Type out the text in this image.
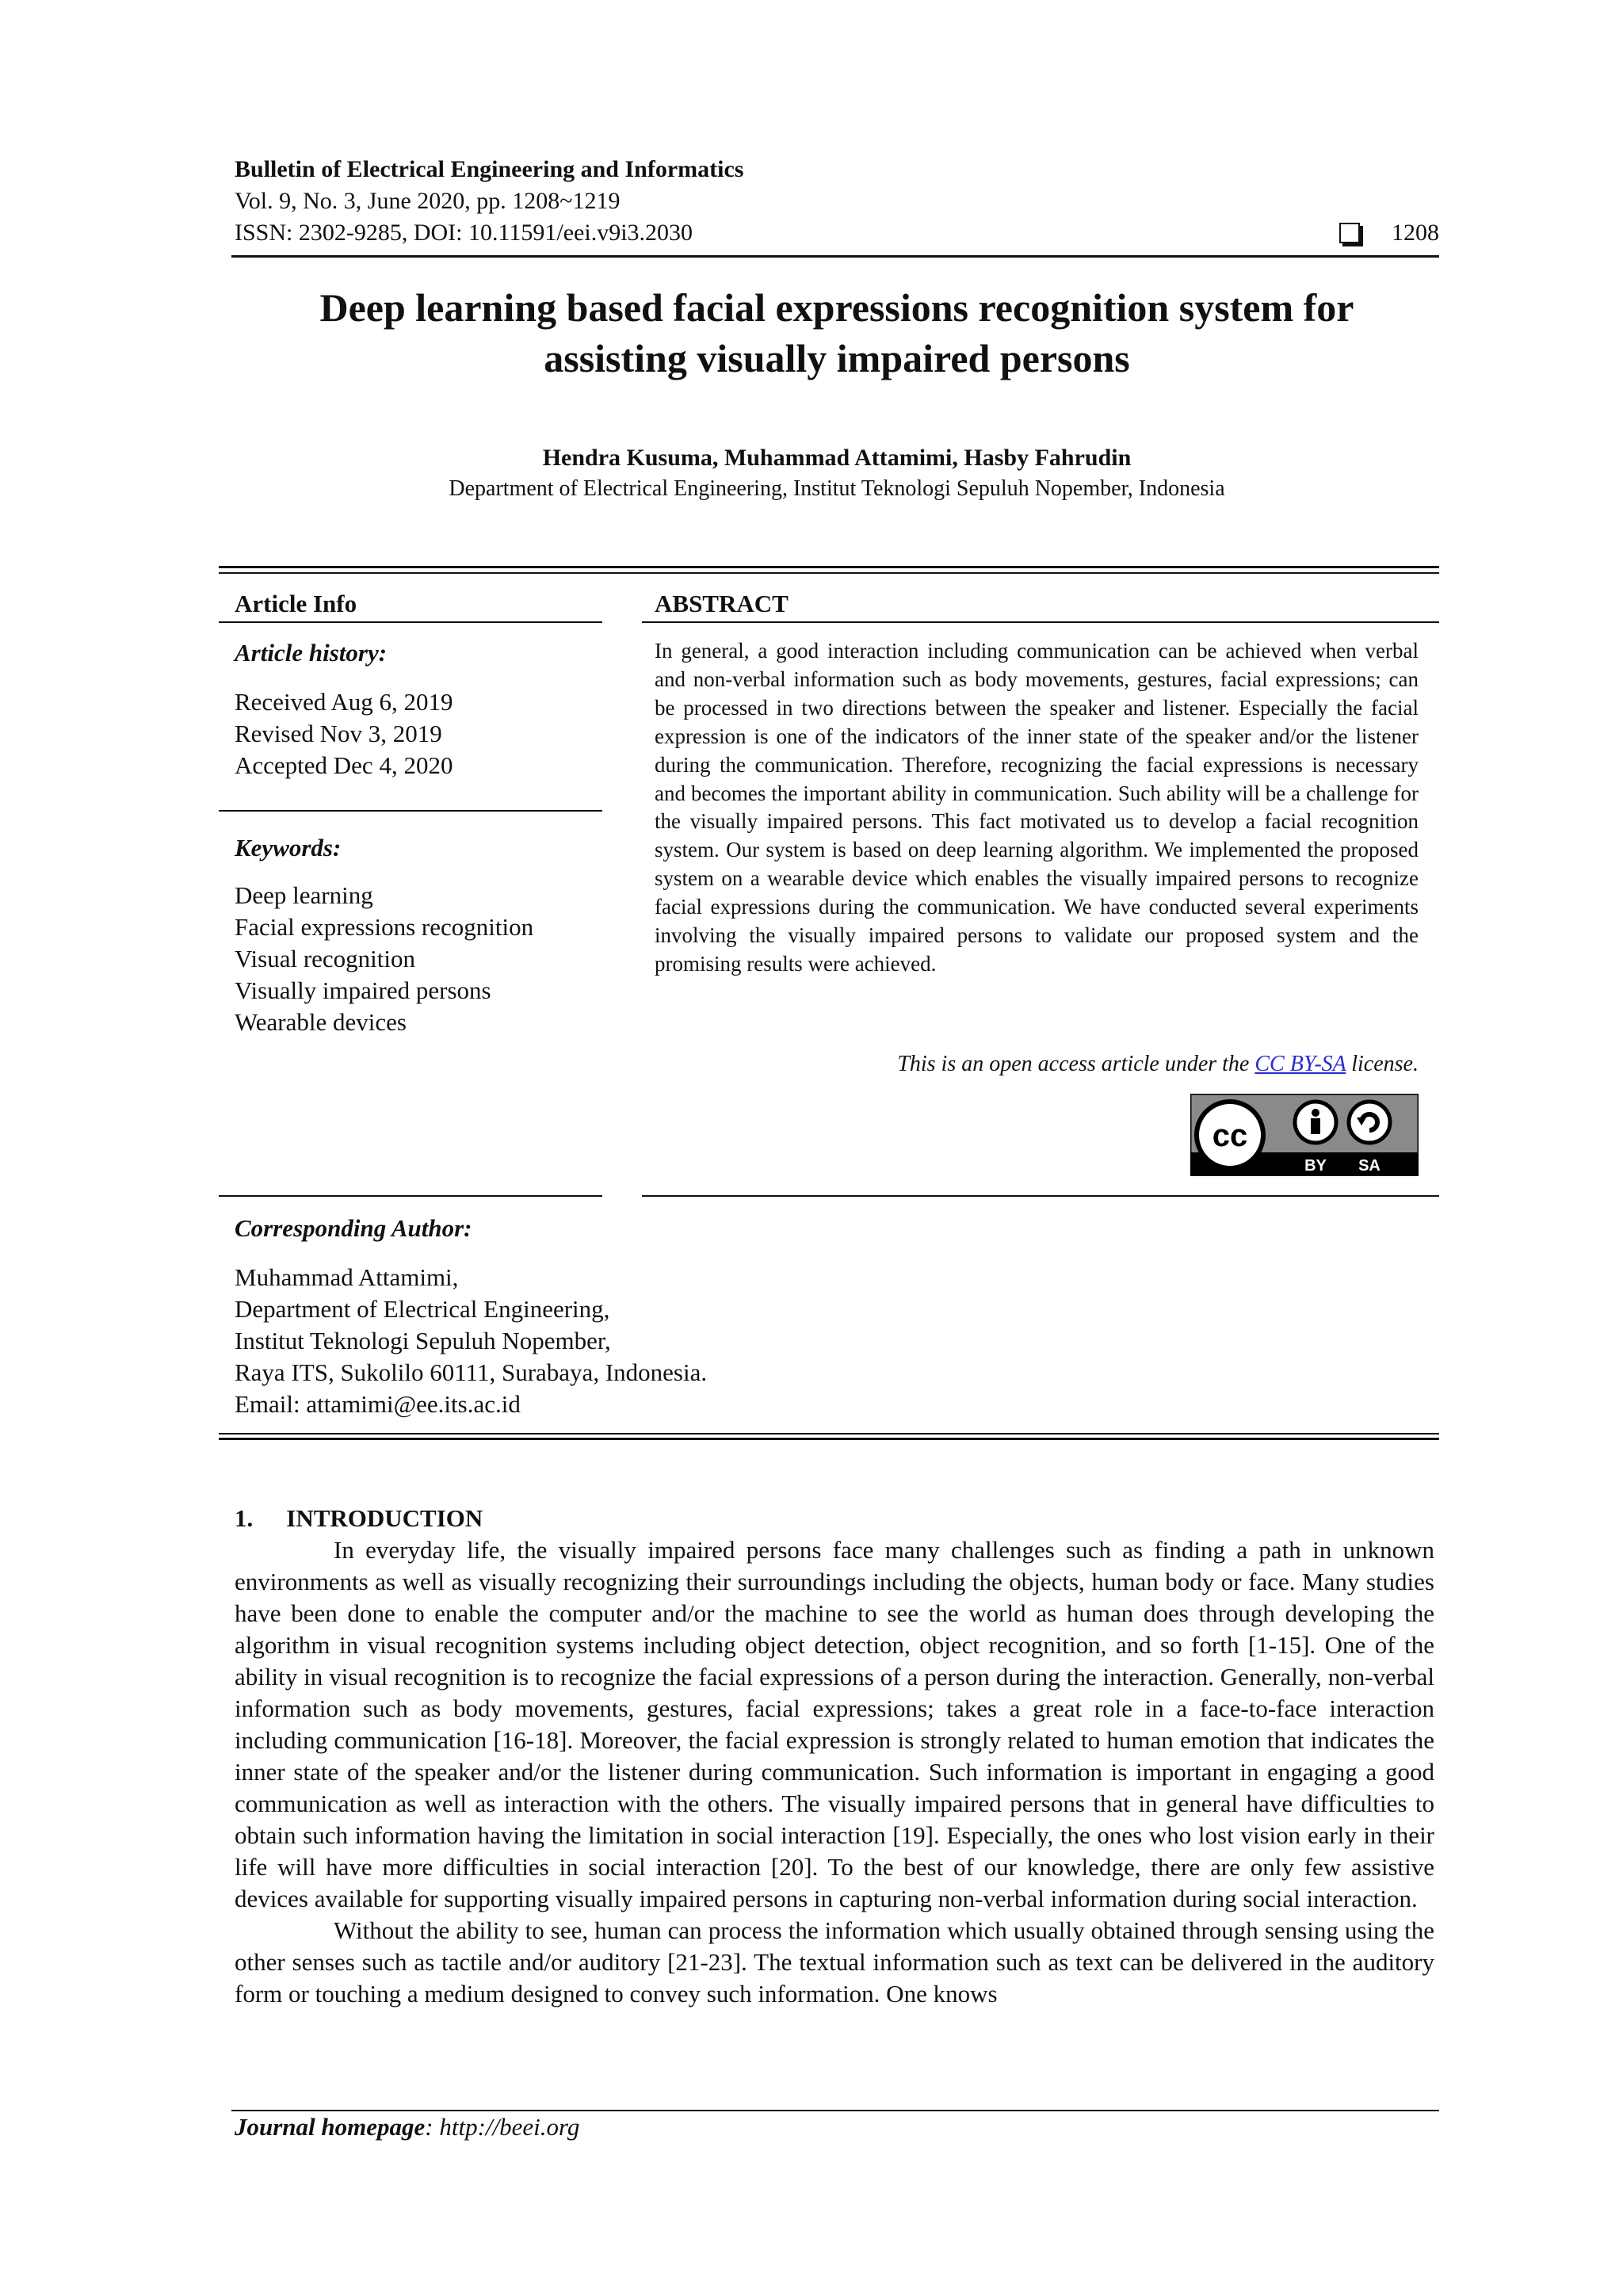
Bulletin of Electrical Engineering and Informatics
Vol. 9, No. 3, June 2020, pp. 1208~1219
ISSN: 2302-9285, DOI: 10.11591/eei.v9i3.2030	1208
Deep learning based facial expressions recognition system for
assisting visually impaired persons
Hendra Kusuma, Muhammad Attamimi, Hasby Fahrudin
Department of Electrical Engineering, Institut Teknologi Sepuluh Nopember, Indonesia
Article Info
Article history:
Received Aug 6, 2019
Revised Nov 3, 2019
Accepted Dec 4, 2020
Keywords:
Deep learning
Facial expressions recognition
Visual recognition
Visually impaired persons
Wearable devices
ABSTRACT
In general, a good interaction including communication can be achieved when verbal and non-verbal information such as body movements, gestures, facial expressions; can be processed in two directions between the speaker and listener. Especially the facial expression is one of the indicators of the inner state of the speaker and/or the listener during the communication. Therefore, recognizing the facial expressions is necessary and becomes the important ability in communication. Such ability will be a challenge for the visually impaired persons. This fact motivated us to develop a facial recognition system. Our system is based on deep learning algorithm. We implemented the proposed system on a wearable device which enables the visually impaired persons to recognize facial expressions during the communication. We have conducted several experiments involving the visually impaired persons to validate our proposed system and the promising results were achieved.
This is an open access article under the CC BY-SA license.
cc
BY SA
Corresponding Author:
Muhammad Attamimi,
Department of Electrical Engineering,
Institut Teknologi Sepuluh Nopember,
Raya ITS, Sukolilo 60111, Surabaya, Indonesia.
Email: attamimi@ee.its.ac.id
1. INTRODUCTION

In everyday life, the visually impaired persons face many challenges such as finding a path in unknown environments as well as visually recognizing their surroundings including the objects, human body or face. Many studies have been done to enable the computer and/or the machine to see the world as human does through developing the algorithm in visual recognition systems including object detection, object recognition, and so forth [1-15]. One of the ability in visual recognition is to recognize the facial expressions of a person during the interaction. Generally, non-verbal information such as body movements, gestures, facial expressions; takes a great role in a face-to-face interaction including communication [16-18]. Moreover, the facial expression is strongly related to human emotion that indicates the inner state of the speaker and/or the listener during communication. Such information is important in engaging a good communication as well as interaction with the others. The visually impaired persons that in general have difficulties to obtain such information having the limitation in social interaction [19]. Especially, the ones who lost vision early in their life will have more difficulties in social interaction [20]. To the best of our knowledge, there are only few assistive devices available for supporting visually impaired persons in capturing non-verbal information during social interaction.

Without the ability to see, human can process the information which usually obtained through sensing using the other senses such as tactile and/or auditory [21-23]. The textual information such as text can be delivered in the auditory form or touching a medium designed to convey such information. One knows

Journal homepage: http://beei.org
